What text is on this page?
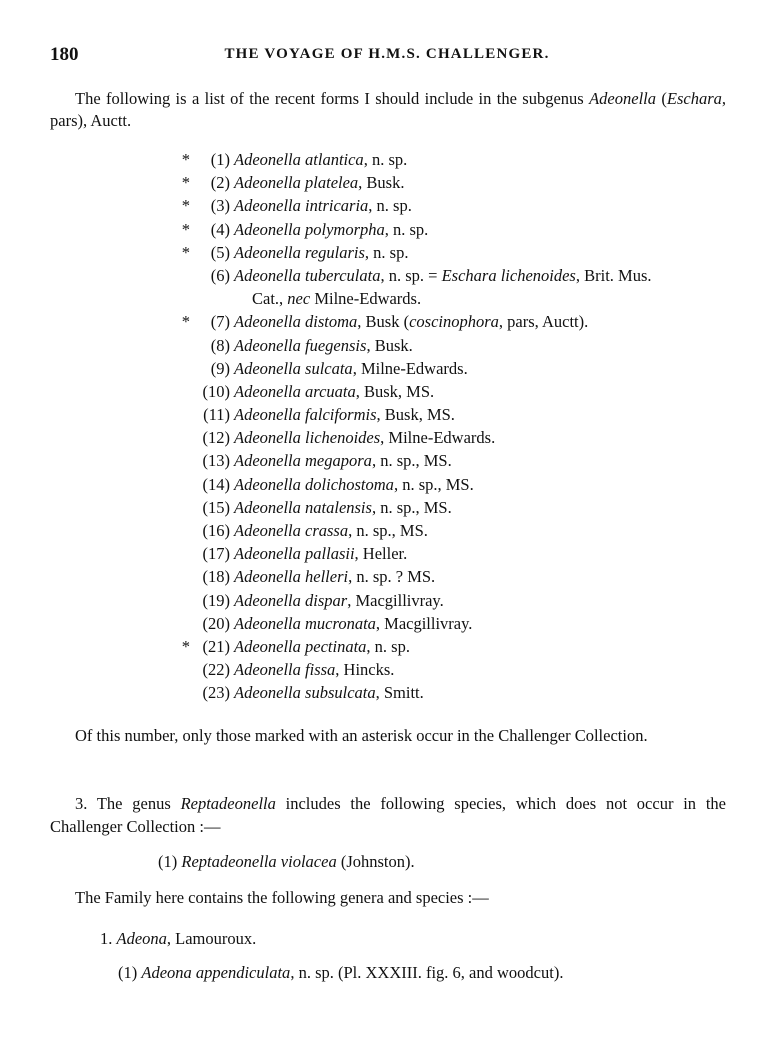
180	THE VOYAGE OF H.M.S. CHALLENGER.
The following is a list of the recent forms I should include in the subgenus Adeonella (Eschara, pars), Auctt.
*	(1) Adeonella atlantica, n. sp.
*	(2) Adeonella platelea, Busk.
*	(3) Adeonella intricaria, n. sp.
*	(4) Adeonella polymorpha, n. sp.
*	(5) Adeonella regularis, n. sp.
(6) Adeonella tuberculata, n. sp. = Eschara lichenoides, Brit. Mus.
Cat., nec Milne-Edwards.
*	(7) Adeonella distoma, Busk (coscinophora, pars, Auctt).
(8) Adeonella fuegensis, Busk.
(9) Adeonella sulcata, Milne-Edwards.
(10) Adeonella arcuata, Busk, MS.
(11) Adeonella falciformis, Busk, MS.
(12) Adeonella lichenoides, Milne-Edwards.
(13) Adeonella megapora, n. sp., MS.
(14) Adeonella dolichostoma, n. sp., MS.
(15) Adeonella natalensis, n. sp., MS.
(16) Adeonella crassa, n. sp., MS.
(17) Adeonella pallasii, Heller.
(18) Adeonella helleri, n. sp. ? MS.
(19) Adeonella dispar, Macgillivray.
(20) Adeonella mucronata, Macgillivray.
* (21) Adeonella pectinata, n. sp.
(22) Adeonella fissa, Hincks.
(23) Adeonella subsulcata, Smitt.
Of this number, only those marked with an asterisk occur in the Challenger Collection.
3. The genus Reptadeonella includes the following species, which does not occur in the Challenger Collection :—
(1) Reptadeonella violacea (Johnston).
The Family here contains the following genera and species :—
1. Adeona, Lamouroux.
(1) Adeona appendiculata, n. sp. (Pl. XXXIII. fig. 6, and woodcut).
